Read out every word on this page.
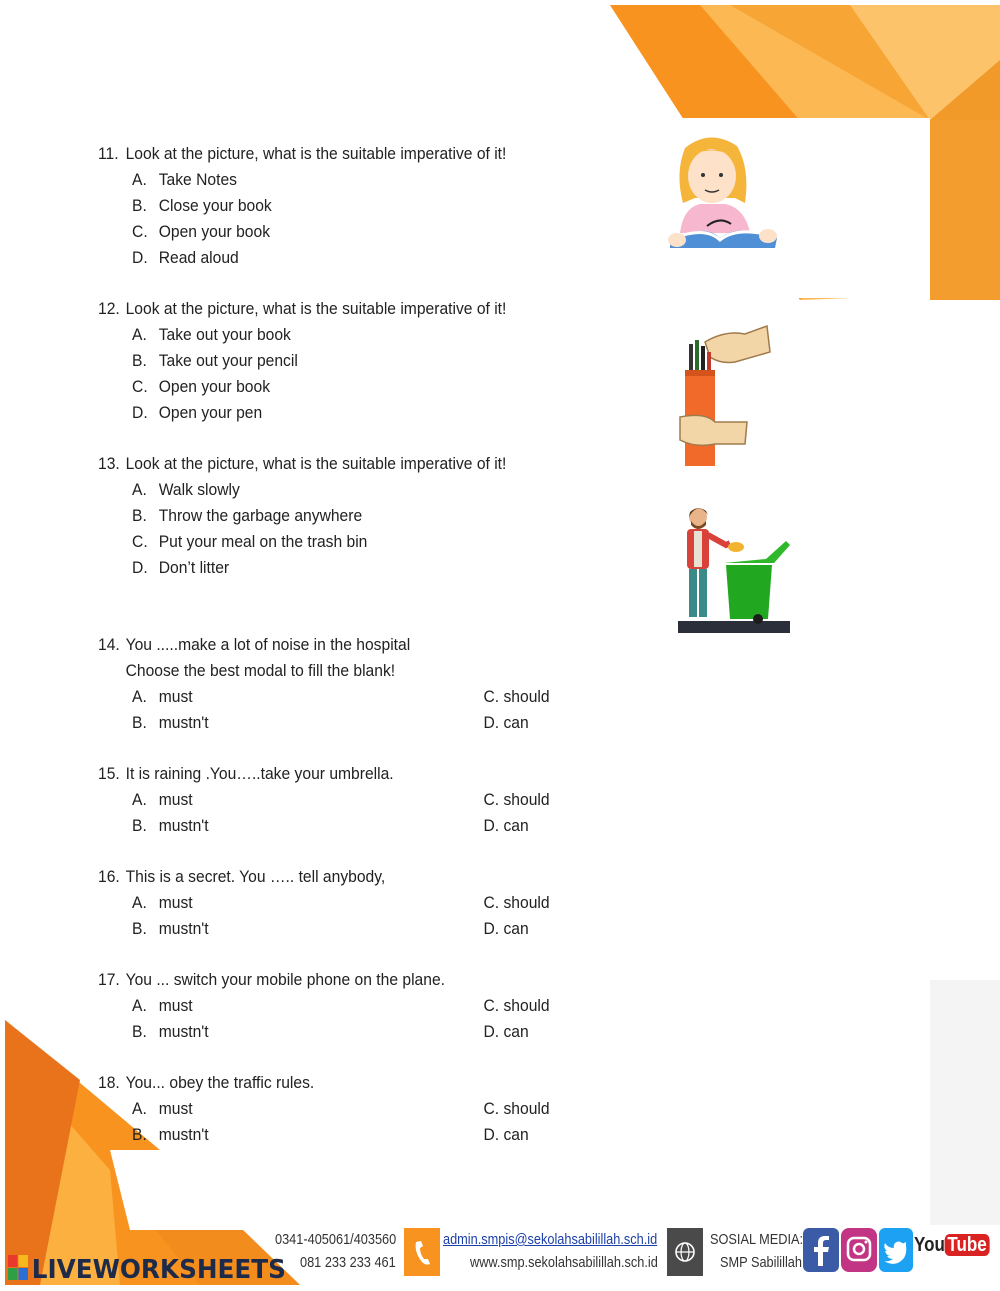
11. Look at the picture, what is the suitable imperative of it!
A. Take Notes
B. Close your book
C. Open your book
D. Read aloud
12. Look at the picture, what is the suitable imperative of it!
A. Take out your book
B. Take out your pencil
C. Open your book
D. Open your pen
13. Look at the picture, what is the suitable imperative of it!
A. Walk slowly
B. Throw the garbage anywhere
C. Put your meal on the trash bin
D. Don’t litter
14. You .....make a lot of noise in the hospital
Choose the best modal to fill the blank!
A. must	C. should
B. mustn't	D. can
15. It is raining .You…..take your umbrella.
A. must	C. should
B. mustn't	D. can
16. This is a secret. You ….. tell anybody,
A. must	C. should
B. mustn't	D. can
17. You ... switch your mobile phone on the plane.
A. must	C. should
B. mustn't	D. can
18. You... obey the traffic rules.
A. must	C. should
B. mustn't	D. can
0341-405061/403560
081 233 233 461
admin.smpis@sekolahsabilillah.sch.id
www.smp.sekolahsabilillah.sch.id
SOSIAL MEDIA:
SMP Sabilillah
You Tube
LIVEWORKSHEETS
